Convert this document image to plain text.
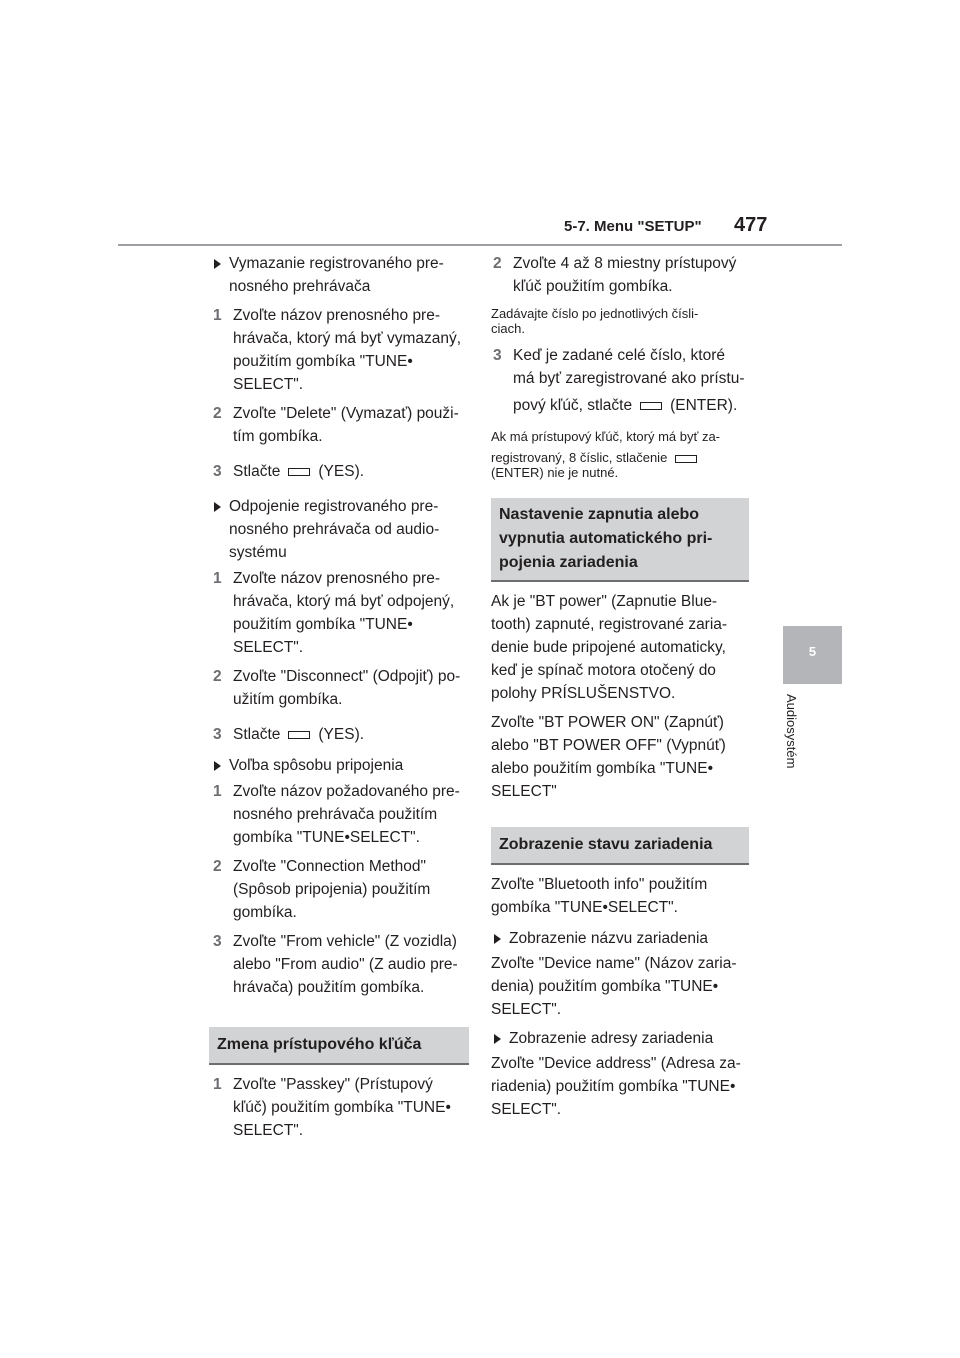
5-7. Menu "SETUP" 477
5
Audiosystém
Vymazanie registrovaného pre-
nosného prehrávača
1 Zvoľte názov prenosného pre-
hrávača, ktorý má byť vymazaný,
použitím gombíka "TUNE•
SELECT".
2 Zvoľte "Delete" (Vymazať) použi-
tím gombíka.
3 Stlačte (YES).
Odpojenie registrovaného pre-
nosného prehrávača od audio-
systému
1 Zvoľte názov prenosného pre-
hrávača, ktorý má byť odpojený,
použitím gombíka "TUNE•
SELECT".
2 Zvoľte "Disconnect" (Odpojiť) po-
užitím gombíka.
3 Stlačte (YES).
Voľba spôsobu pripojenia
1 Zvoľte názov požadovaného pre-
nosného prehrávača použitím
gombíka "TUNE•SELECT".
2 Zvoľte "Connection Method"
(Spôsob pripojenia) použitím
gombíka.
3 Zvoľte "From vehicle" (Z vozidla)
alebo "From audio" (Z audio pre-
hrávača) použitím gombíka.
Zmena prístupového kľúča
1 Zvoľte "Passkey" (Prístupový
kľúč) použitím gombíka "TUNE•
SELECT".
2 Zvoľte 4 až 8 miestny prístupový
kľúč použitím gombíka.
Zadávajte číslo po jednotlivých čísli-
ciach.
3 Keď je zadané celé číslo, ktoré
má byť zaregistrované ako prístu-
pový kľúč, stlačte (ENTER).
Ak má prístupový kľúč, ktorý má byť za-
registrovaný, 8 číslic, stlačenie
(ENTER) nie je nutné.
Nastavenie zapnutia alebo
vypnutia automatického pri-
pojenia zariadenia
Ak je "BT power" (Zapnutie Blue-
tooth) zapnuté, registrované zaria-
denie bude pripojené automaticky,
keď je spínač motora otočený do
polohy PRÍSLUŠENSTVO.
Zvoľte "BT POWER ON" (Zapnúť)
alebo "BT POWER OFF" (Vypnúť)
alebo použitím gombíka "TUNE•
SELECT"
Zobrazenie stavu zariadenia
Zvoľte "Bluetooth info" použitím
gombíka "TUNE•SELECT".
Zobrazenie názvu zariadenia
Zvoľte "Device name" (Názov zaria-
denia) použitím gombíka "TUNE•
SELECT".
Zobrazenie adresy zariadenia
Zvoľte "Device address" (Adresa za-
riadenia) použitím gombíka "TUNE•
SELECT".
